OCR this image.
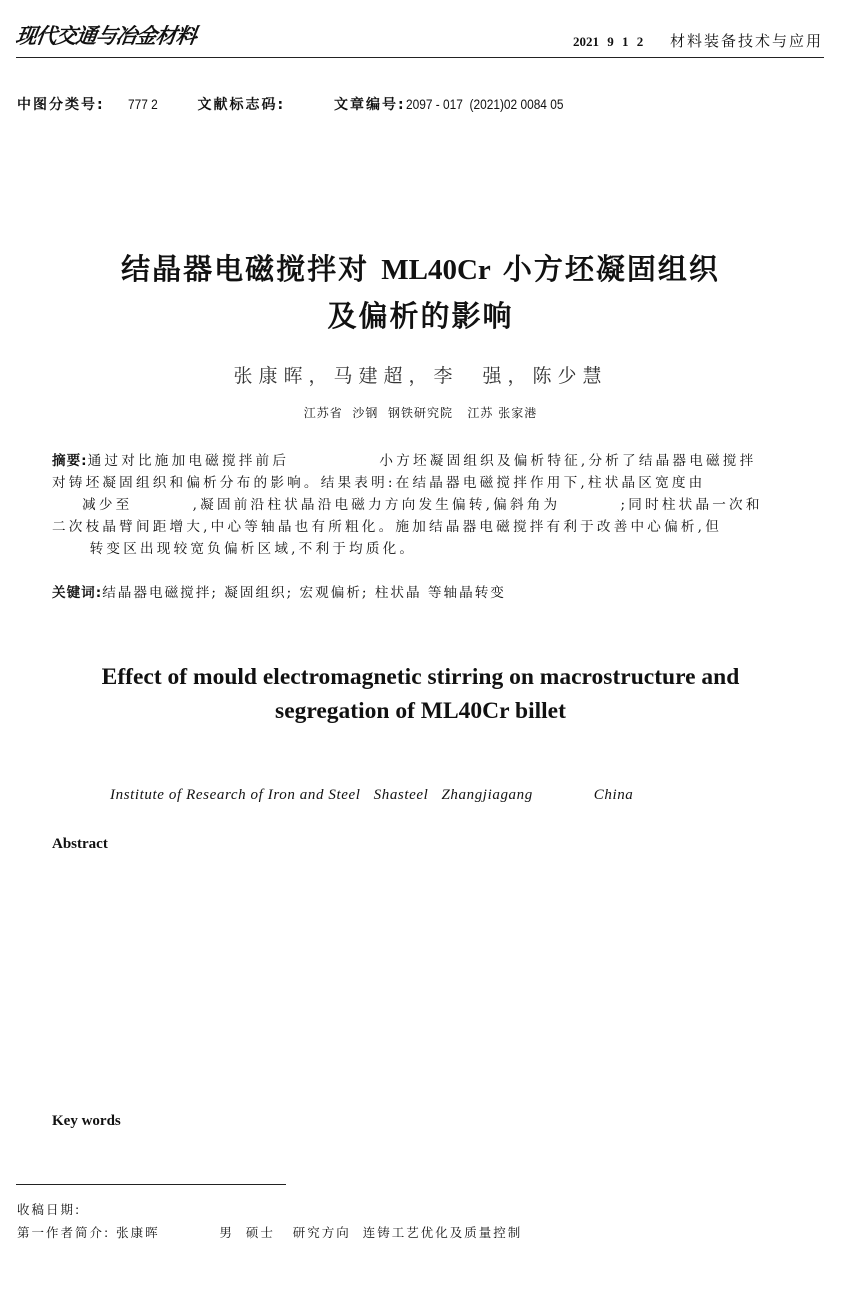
现代交通与冶金材料	2021 9 1 2 材料装备技术与应用
中图分类号: 777 2	文献标志码:	文章编号:2097 - 017  (2021)02 0084 05
结晶器电磁搅拌对 ML40Cr 小方坯凝固组织
及偏析的影响
张康晖，马建超，李  强，陈少慧
江苏省  沙钢  钢铁研究院   江苏 张家港

摘要:通过对比施加电磁搅拌前后            小方坯凝固组织及偏析特征,分析了结晶器电磁搅拌

对铸坯凝固组织和偏析分布的影响。结果表明:在结晶器电磁搅拌作用下,柱状晶区宽度由

减少至        ,凝固前沿柱状晶沿电磁力方向发生偏转,偏斜角为        ;同时柱状晶一次和

二次枝晶臂间距增大,中心等轴晶也有所粗化。施加结晶器电磁搅拌有利于改善中心偏析,但

转变区出现较宽负偏析区域,不利于均质化。

关键词:结晶器电磁搅拌; 凝固组织; 宏观偏析; 柱状晶 等轴晶转变
Effect of mould electromagnetic stirring on macrostructure and
segregation of ML40Cr billet
Institute of Research of Iron and Steel   Shasteel   Zhangjiagang              China
Abstract
Key words
收稿日期:
第一作者简介: 张康晖          男  硕士   研究方向  连铸工艺优化及质量控制
